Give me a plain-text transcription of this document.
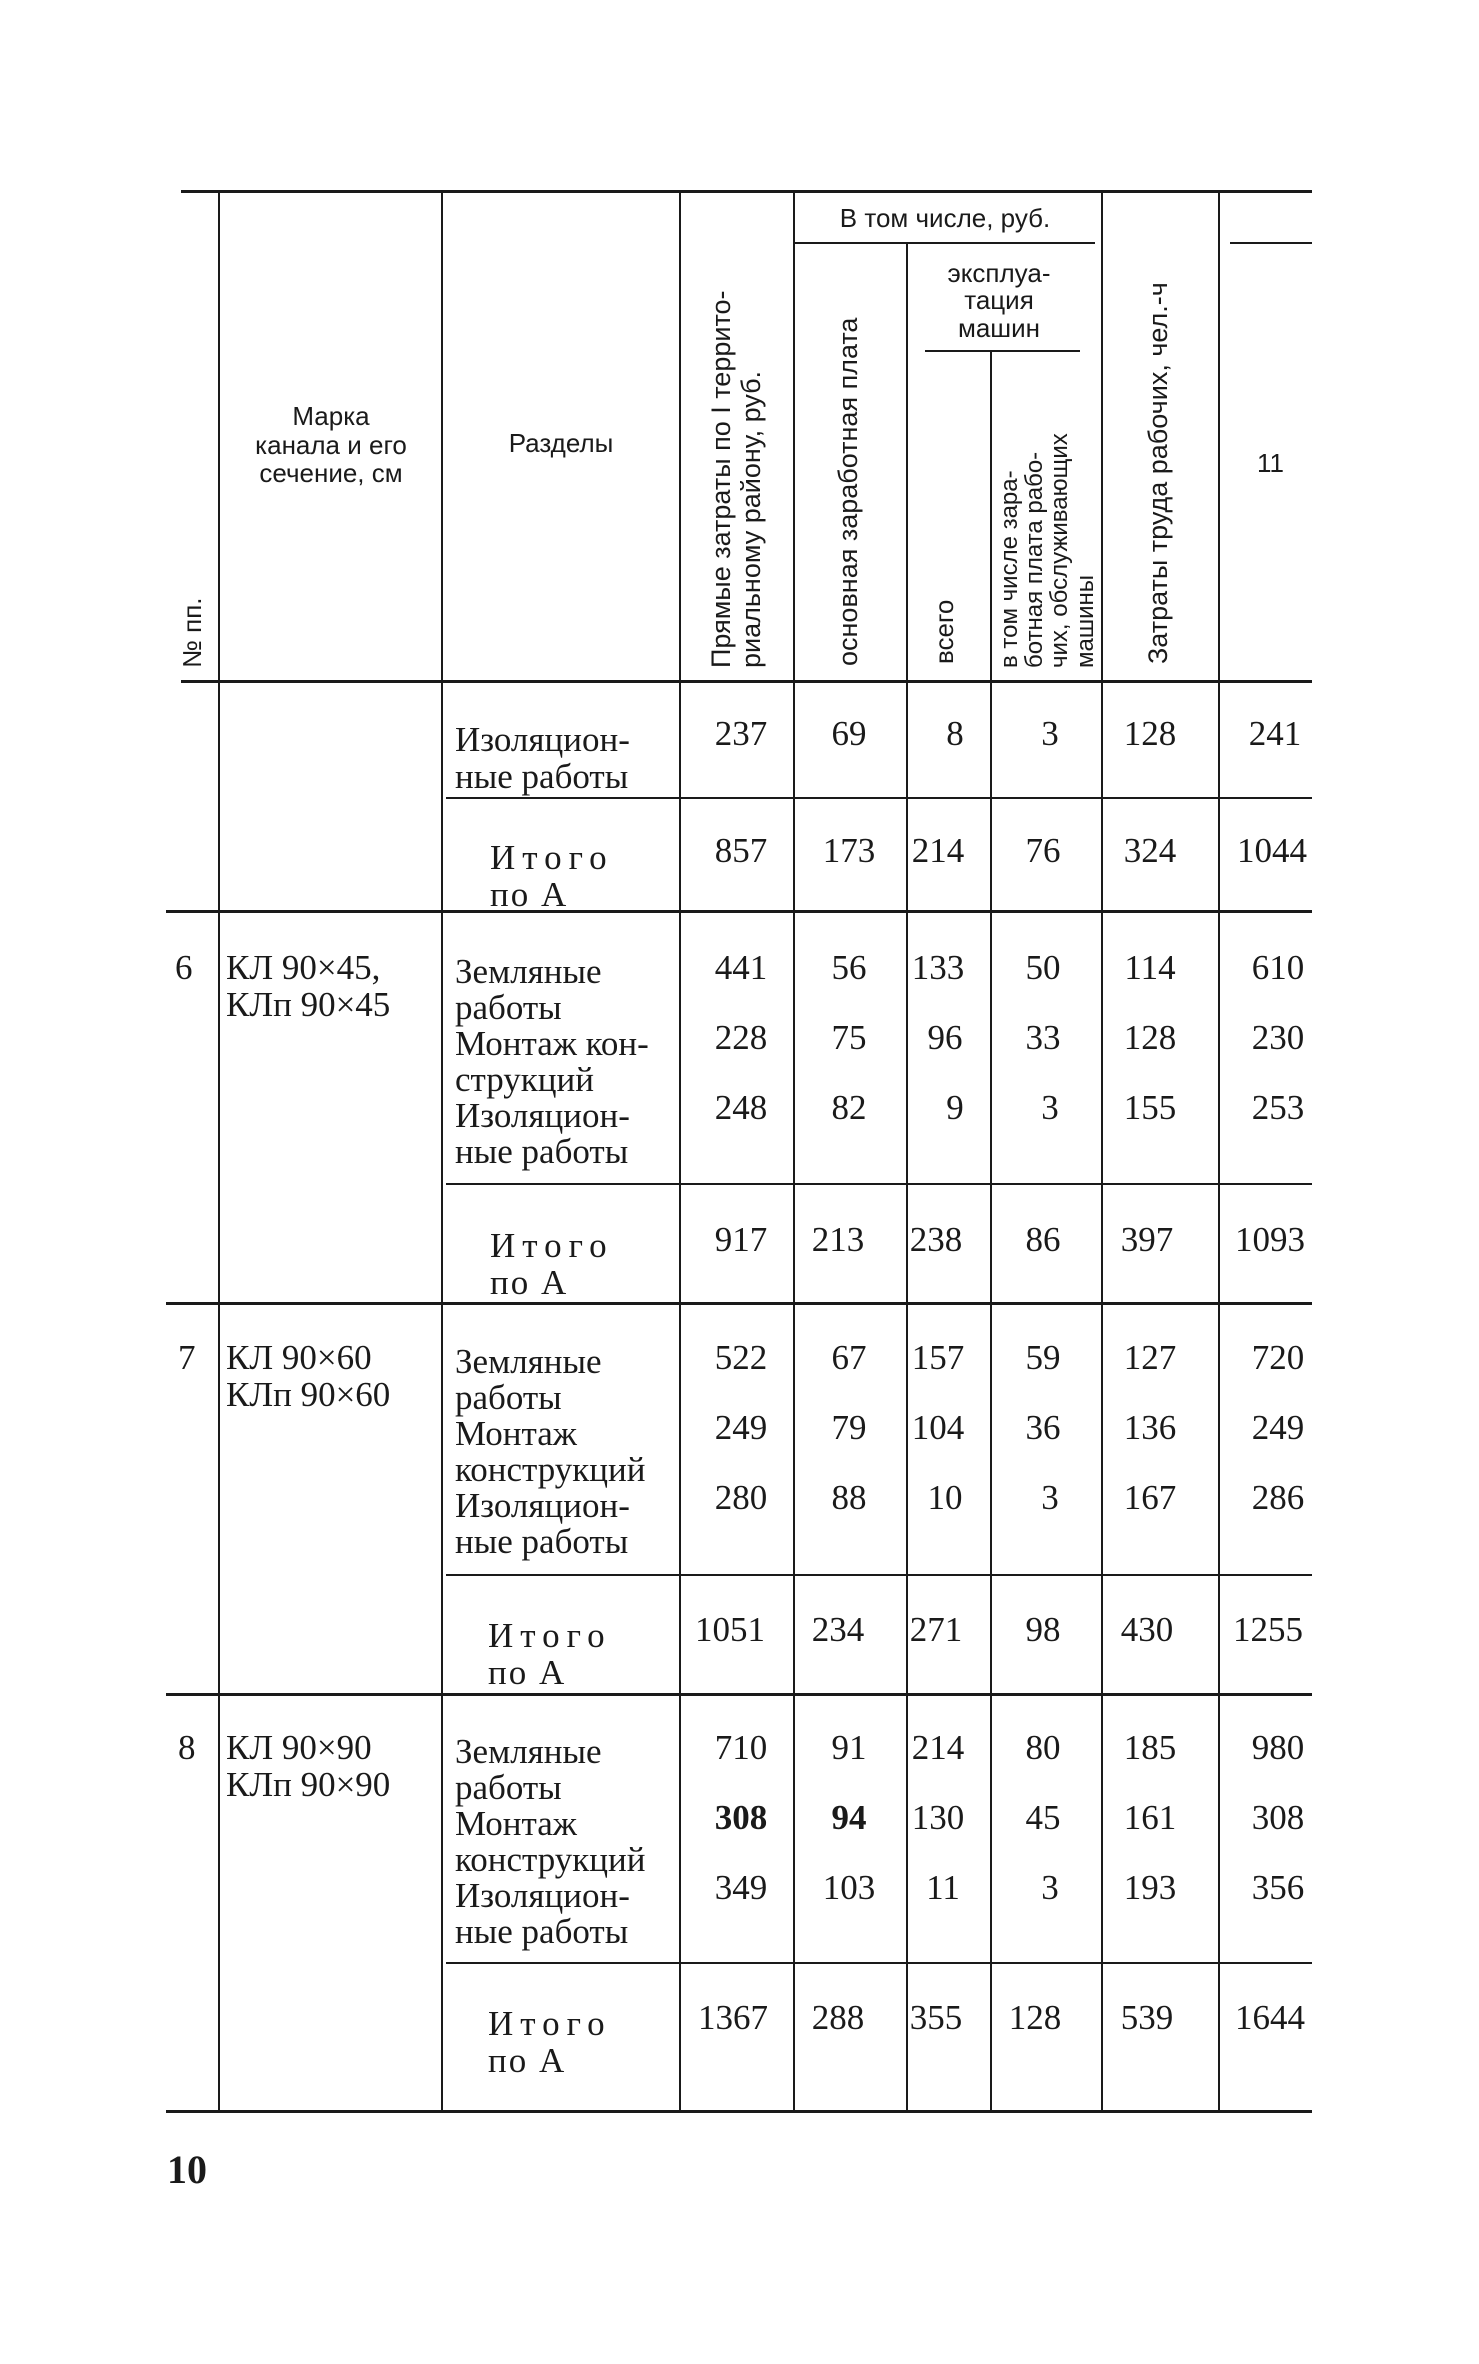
№ пп.
Марка
канала и его
сечение, см
Разделы	Прямые затраты по I террито- риальному району, руб.
В том числе, руб.
основная заработная плата
эксплуа-
тация
машин
всего в том числе зара-
ботная плата рабо-
чих, обслуживающих
машины Затраты труда рабочих, чел.-ч	11
Изоляцион-
ные работы
237 69 8 3 128 241
Итого
по А
857 173 214 76 324 1044
6 КЛ 90×45,
КЛп 90×45
Земляные
работы
Монтаж кон-
струкций
Изоляцион-
ные работы
441 56 133 50 114 610
228 75 96 33 128 230
248 82 9 3 155 253
Итого
по А
917 213 238 86 397 1093
7 КЛ 90×60
КЛп 90×60
Земляные
работы
Монтаж
конструкций
Изоляцион-
ные работы
522 67 157 59 127 720
249 79 104 36 136 249
280 88 10 3 167 286
Итого
по А
1051 234 271 98 430 1255
8 КЛ 90×90
КЛп 90×90
Земляные
работы
Монтаж
конструкций
Изоляцион-
ные работы
710 91 214 80 185 980
308 94 130 45 161 308
349 103 11 3 193 356
Итого
по А
1367 288 355 128 539 1644
10
